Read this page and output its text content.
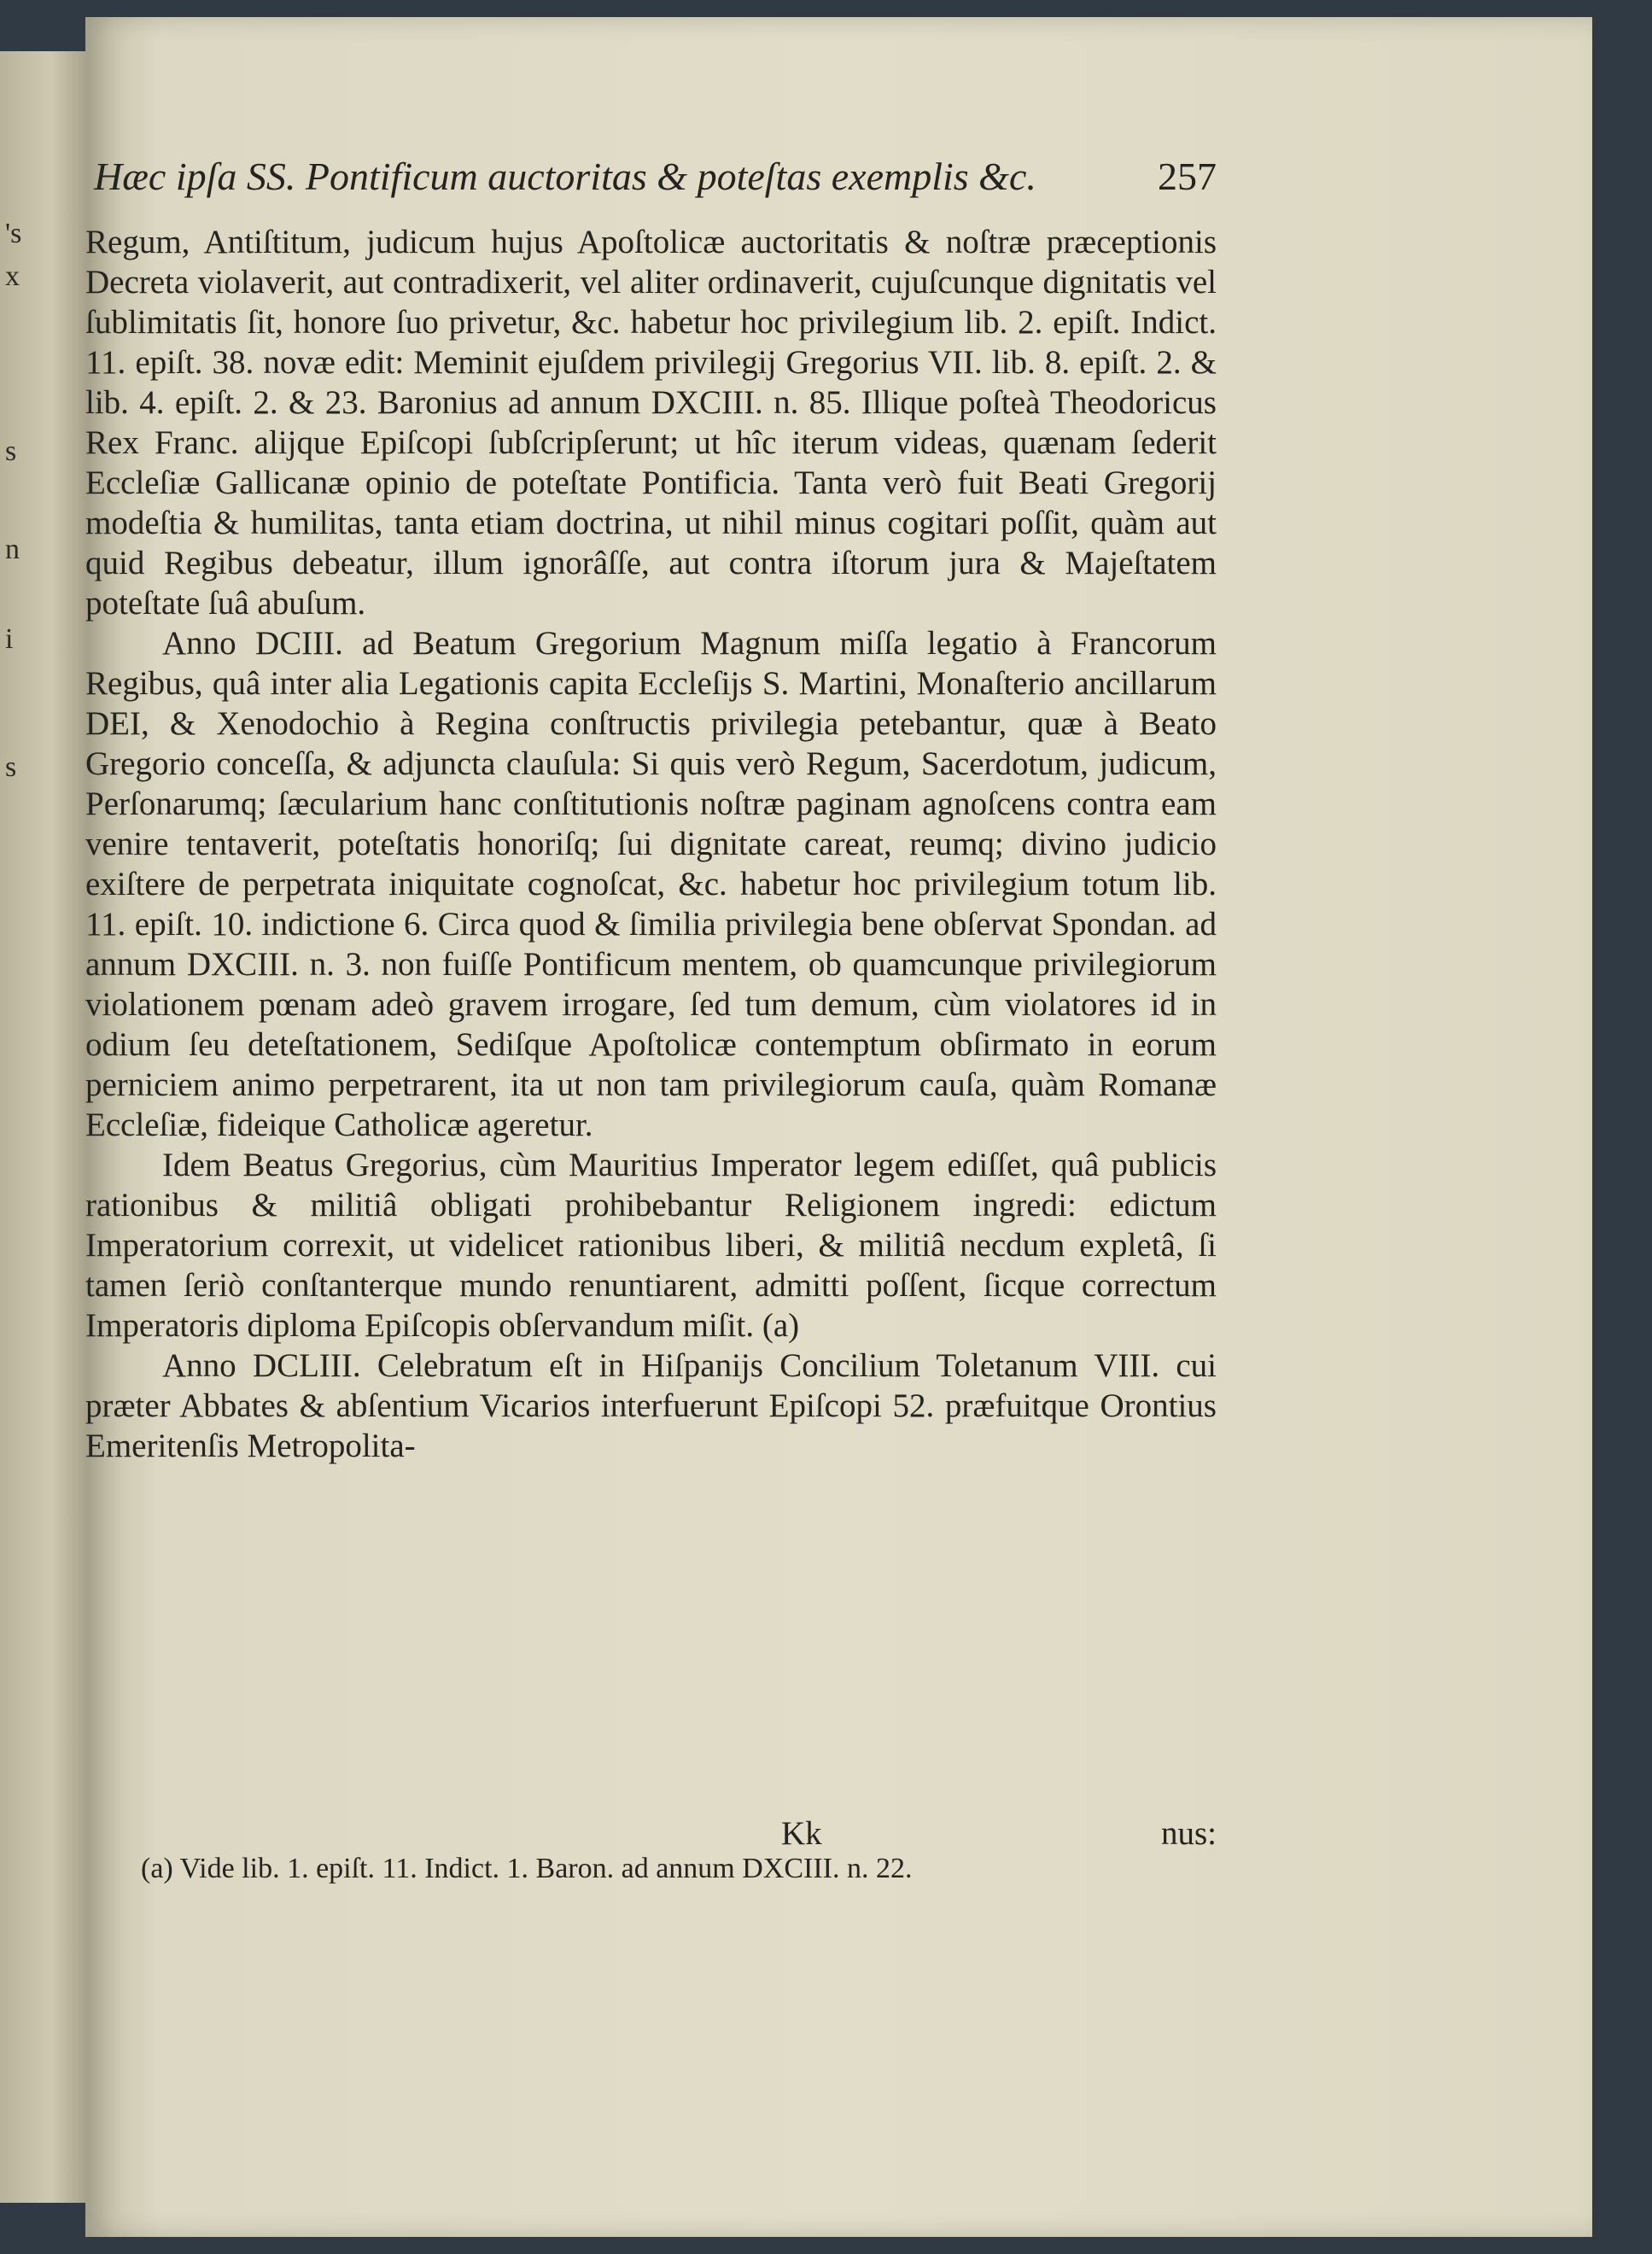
's
x
s
n
i
s
Hæc ipſa SS. Pontificum auctoritas & poteſtas exemplis &c.	257

Regum, Antiſtitum, judicum hujus Apoſtolicæ auctoritatis & noſtræ præceptionis Decreta violaverit, aut contradixerit, vel aliter ordinaverit, cujuſcunque dignitatis vel ſublimitatis ſit, honore ſuo privetur, &c. habetur hoc privilegium lib. 2. epiſt. Indict. 11. epiſt. 38. novæ edit: Meminit ejuſdem privilegij Gregorius VII. lib. 8. epiſt. 2. & lib. 4. epiſt. 2. & 23. Baronius ad annum DXCIII. n. 85. Illique poſteà Theodoricus Rex Franc. alijque Epiſcopi ſubſcripſerunt; ut hîc iterum videas, quænam ſederit Eccleſiæ Gallicanæ opinio de poteſtate Pontificia. Tanta verò fuit Beati Gregorij modeſtia & humilitas, tanta etiam doctrina, ut nihil minus cogitari poſſit, quàm aut quid Regibus debeatur, illum ignorâſſe, aut contra iſtorum jura & Majeſtatem poteſtate ſuâ abuſum.

Anno DCIII. ad Beatum Gregorium Magnum miſſa legatio à Francorum Regibus, quâ inter alia Legationis capita Eccleſijs S. Martini, Monaſterio ancillarum DEI, & Xenodochio à Regina conſtructis privilegia petebantur, quæ à Beato Gregorio conceſſa, & adjuncta clauſula: Si quis verò Regum, Sacerdotum, judicum, Perſonarumq; ſæcularium hanc conſtitutionis noſtræ paginam agnoſcens contra eam venire tentaverit, poteſtatis honoriſq; ſui dignitate careat, reumq; divino judicio exiſtere de perpetrata iniquitate cognoſcat, &c. habetur hoc privilegium totum lib. 11. epiſt. 10. indictione 6. Circa quod & ſimilia privilegia bene obſervat Spondan. ad annum DXCIII. n. 3. non fuiſſe Pontificum mentem, ob quamcunque privilegiorum violationem pœnam adeò gravem irrogare, ſed tum demum, cùm violatores id in odium ſeu deteſtationem, Sediſque Apoſtolicæ contemptum obſirmato in eorum perniciem animo perpetrarent, ita ut non tam privilegiorum cauſa, quàm Romanæ Eccleſiæ, fideique Catholicæ ageretur.

Idem Beatus Gregorius, cùm Mauritius Imperator legem ediſſet, quâ publicis rationibus & militiâ obligati prohibebantur Religionem ingredi: edictum Imperatorium correxit, ut videlicet rationibus liberi, & militiâ necdum expletâ, ſi tamen ſeriò conſtanterque mundo renuntiarent, admitti poſſent, ſicque correctum Imperatoris diploma Epiſcopis obſervandum miſit. (a)

Anno DCLIII. Celebratum eſt in Hiſpanijs Concilium Toletanum VIII. cui præter Abbates & abſentium Vicarios interfuerunt Epiſcopi 52. præfuitque Orontius Emeritenſis Metropolita-

Kk	nus:
(a) Vide lib. 1. epiſt. 11. Indict. 1. Baron. ad annum DXCIII. n. 22.
